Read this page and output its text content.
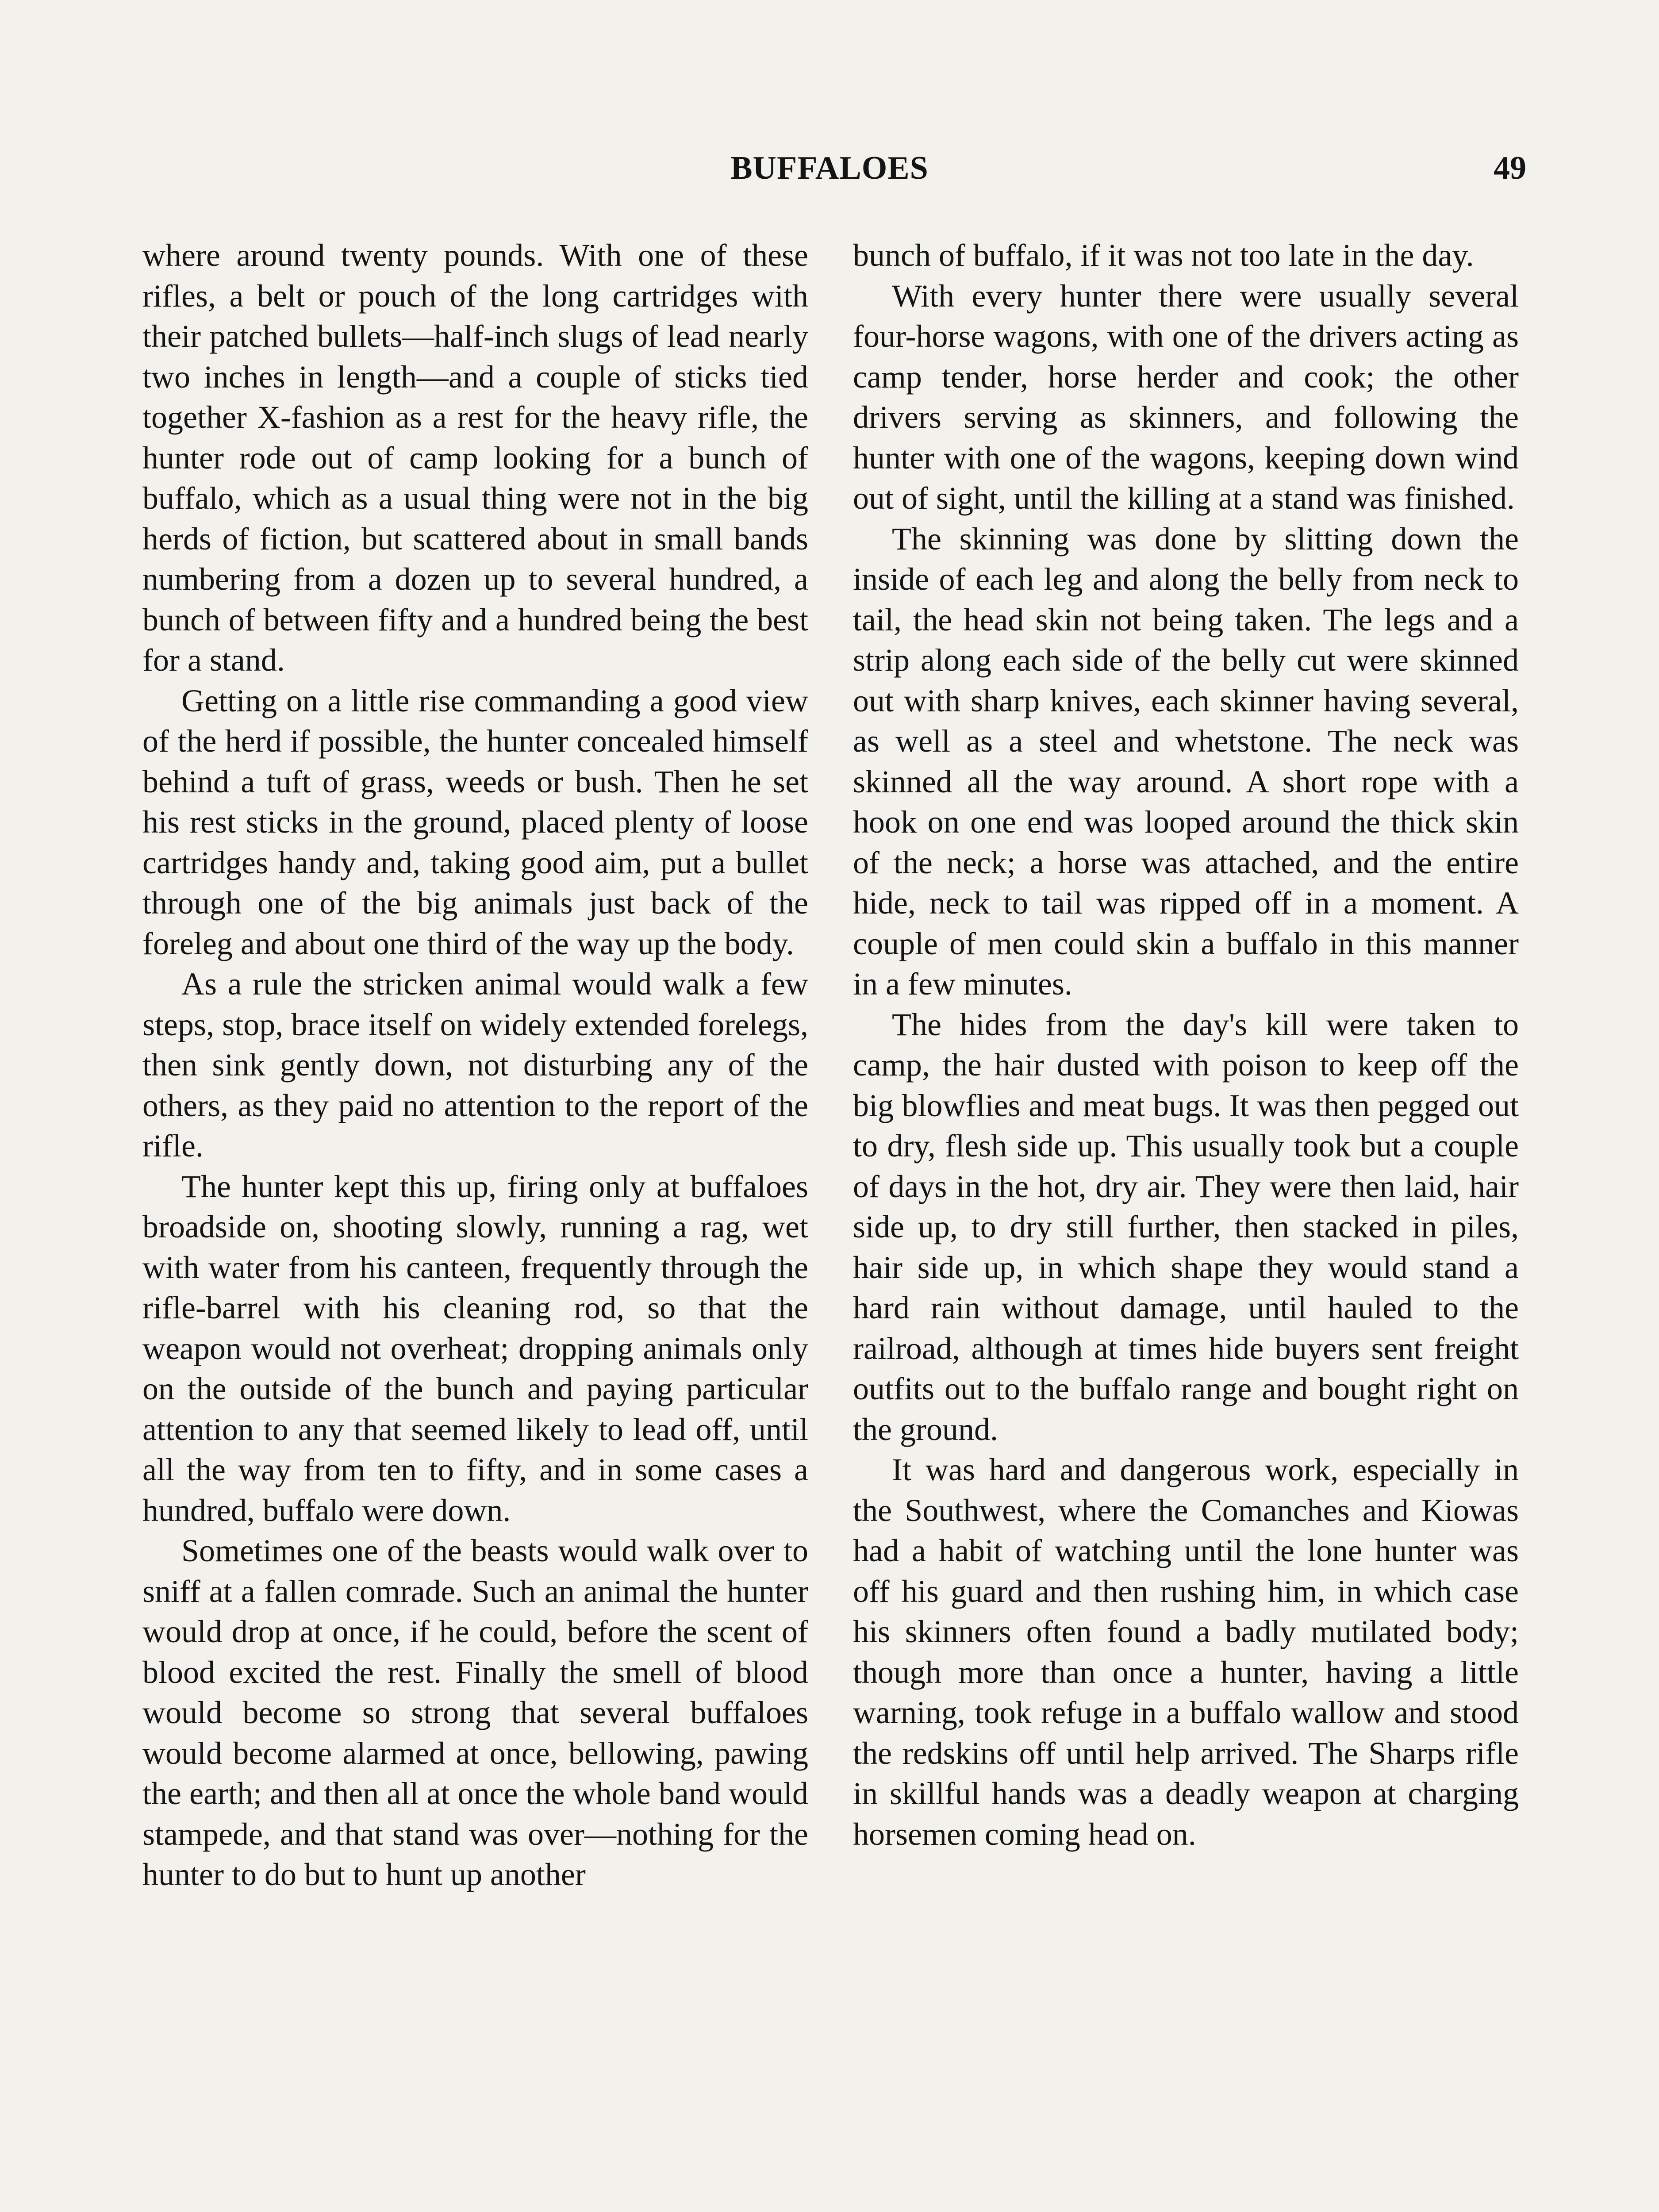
BUFFALOES	49

where around twenty pounds. With one of these rifles, a belt or pouch of the long cartridges with their patched bullets—half-inch slugs of lead nearly two inches in length—and a couple of sticks tied together X-fashion as a rest for the heavy rifle, the hunter rode out of camp looking for a bunch of buffalo, which as a usual thing were not in the big herds of fiction, but scattered about in small bands numbering from a dozen up to several hundred, a bunch of between fifty and a hundred being the best for a stand.

Getting on a little rise commanding a good view of the herd if possible, the hunter concealed himself behind a tuft of grass, weeds or bush. Then he set his rest sticks in the ground, placed plenty of loose cartridges handy and, taking good aim, put a bullet through one of the big animals just back of the foreleg and about one third of the way up the body.

As a rule the stricken animal would walk a few steps, stop, brace itself on widely extended forelegs, then sink gently down, not disturbing any of the others, as they paid no attention to the report of the rifle.

The hunter kept this up, firing only at buffaloes broadside on, shooting slowly, running a rag, wet with water from his canteen, frequently through the rifle-barrel with his cleaning rod, so that the weapon would not overheat; dropping animals only on the outside of the bunch and paying particular attention to any that seemed likely to lead off, until all the way from ten to fifty, and in some cases a hundred, buffalo were down.

Sometimes one of the beasts would walk over to sniff at a fallen comrade. Such an animal the hunter would drop at once, if he could, before the scent of blood excited the rest. Finally the smell of blood would become so strong that several buffaloes would become alarmed at once, bellowing, pawing the earth; and then all at once the whole band would stampede, and that stand was over—nothing for the hunter to do but to hunt up another

bunch of buffalo, if it was not too late in the day.

With every hunter there were usually several four-horse wagons, with one of the drivers acting as camp tender, horse herder and cook; the other drivers serving as skinners, and following the hunter with one of the wagons, keeping down wind out of sight, until the killing at a stand was finished.

The skinning was done by slitting down the inside of each leg and along the belly from neck to tail, the head skin not being taken. The legs and a strip along each side of the belly cut were skinned out with sharp knives, each skinner having several, as well as a steel and whetstone. The neck was skinned all the way around. A short rope with a hook on one end was looped around the thick skin of the neck; a horse was attached, and the entire hide, neck to tail was ripped off in a moment. A couple of men could skin a buffalo in this manner in a few minutes.

The hides from the day's kill were taken to camp, the hair dusted with poison to keep off the big blowflies and meat bugs. It was then pegged out to dry, flesh side up. This usually took but a couple of days in the hot, dry air. They were then laid, hair side up, to dry still further, then stacked in piles, hair side up, in which shape they would stand a hard rain without damage, until hauled to the railroad, although at times hide buyers sent freight outfits out to the buffalo range and bought right on the ground.

It was hard and dangerous work, especially in the Southwest, where the Comanches and Kiowas had a habit of watching until the lone hunter was off his guard and then rushing him, in which case his skinners often found a badly mutilated body; though more than once a hunter, having a little warning, took refuge in a buffalo wallow and stood the redskins off until help arrived. The Sharps rifle in skillful hands was a deadly weapon at charging horsemen coming head on.
